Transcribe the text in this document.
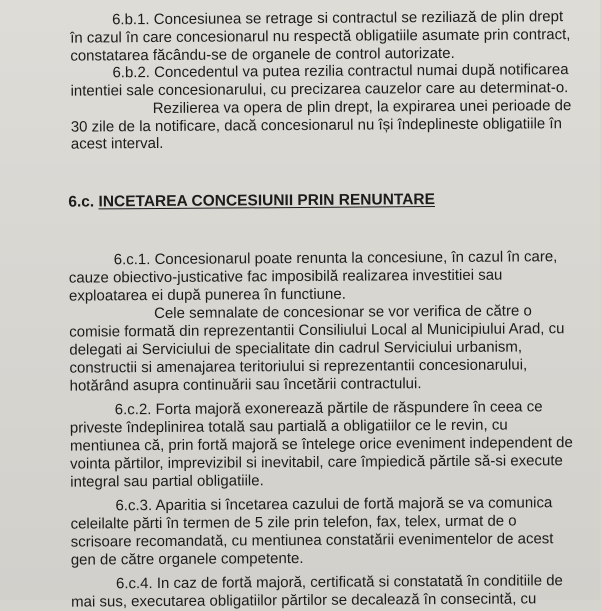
6.b.1. Concesiunea se retrage si contractul se reziliază de plin drept
în cazul în care concesionarul nu respectă obligatiile asumate prin contract,
constatarea făcându-se de organele de control autorizate.
6.b.2. Concedentul va putea rezilia contractul numai după notificarea
intentiei sale concesionarului, cu precizarea cauzelor care au determinat-o.
Rezilierea va opera de plin drept, la expirarea unei perioade de
30 zile de la notificare, dacă concesionarul nu își îndeplineste obligatiile în
acest interval.
6.c. INCETAREA CONCESIUNII PRIN RENUNTARE
6.c.1. Concesionarul poate renunta la concesiune, în cazul în care,
cauze obiectivo-justicative fac imposibilă realizarea investitiei sau
exploatarea ei după punerea în functiune.
Cele semnalate de concesionar se vor verifica de către o
comisie formată din reprezentantii Consiliului Local al Municipiului Arad, cu
delegati ai Serviciului de specialitate din cadrul Serviciului urbanism,
constructii si amenajarea teritoriului si reprezentantii concesionarului,
hotărând asupra continuării sau încetării contractului.
6.c.2. Forta majoră exonerează părtile de răspundere în ceea ce
priveste îndeplinirea totală sau partială a obligatiilor ce le revin, cu
mentiunea că, prin fortă majoră se întelege orice eveniment independent de
vointa părtilor, imprevizibil si inevitabil, care împiedică părtile să-si execute
integral sau partial obligatiile.
6.c.3. Aparitia si încetarea cazului de fortă majoră se va comunica
celeilalte părti în termen de 5 zile prin telefon, fax, telex, urmat de o
scrisoare recomandată, cu mentiunea constatării evenimentelor de acest
gen de către organele competente.
6.c.4. In caz de fortă majoră, certificată si constatată în conditiile de
mai sus, executarea obligatiilor părtilor se decalează în consecintă, cu
